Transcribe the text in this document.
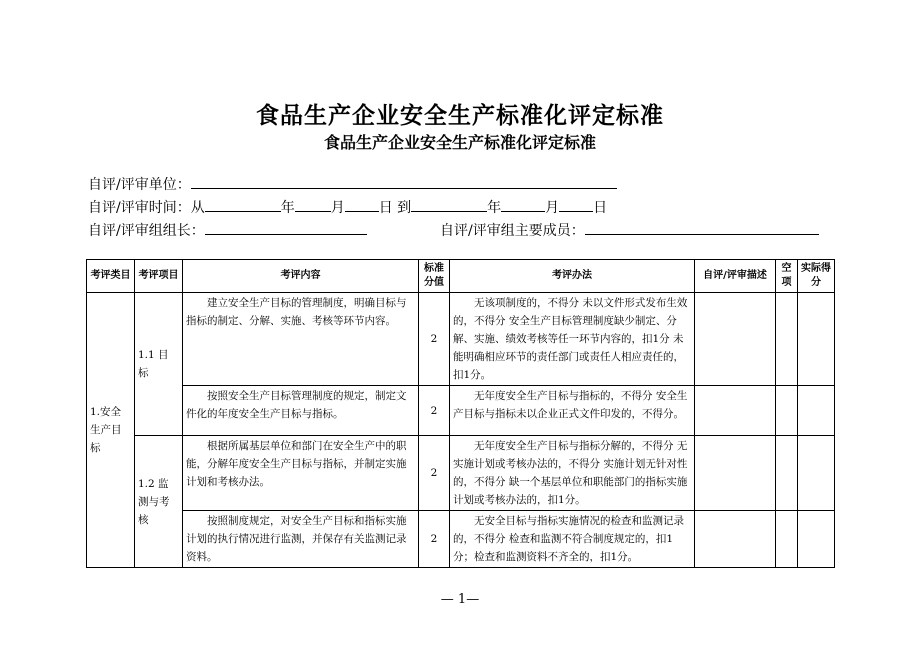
食品生产企业安全生产标准化评定标准
食品生产企业安全生产标准化评定标准
自评/评审单位：
自评/评审时间：从	年	月 日 到	年	月 日
自评/评审组组长：	自评/评审组主要成员：
考评类目	考评项目	考评内容	标准分值	考评办法	自评/评审描述	空项	实际得分
1.安全生产目标	1.1 目标	建立安全生产目标的管理制度，明确目标与指标的制定、分解、实施、考核等环节内容。	2	无该项制度的，不得分 未以文件形式发布生效的，不得分 安全生产目标管理制度缺少制定、分解、实施、绩效考核等任一环节内容的，扣1分 未能明确相应环节的责任部门或责任人相应责任的，扣1分。			
		按照安全生产目标管理制度的规定，制定文件化的年度安全生产目标与指标。	2	无年度安全生产目标与指标的，不得分 安全生产目标与指标未以企业正式文件印发的，不得分。			
	1.2 监测与考核	根据所属基层单位和部门在安全生产中的职能，分解年度安全生产目标与指标，并制定实施计划和考核办法。	2	无年度安全生产目标与指标分解的，不得分 无实施计划或考核办法的，不得分 实施计划无针对性的，不得分 缺一个基层单位和职能部门的指标实施计划或考核办法的，扣1分。			
		按照制度规定，对安全生产目标和指标实施计划的执行情况进行监测，并保存有关监测记录资料。	2	无安全目标与指标实施情况的检查和监测记录的，不得分 检查和监测不符合制度规定的，扣1分；检查和监测资料不齐全的，扣1分。			
— 1—
